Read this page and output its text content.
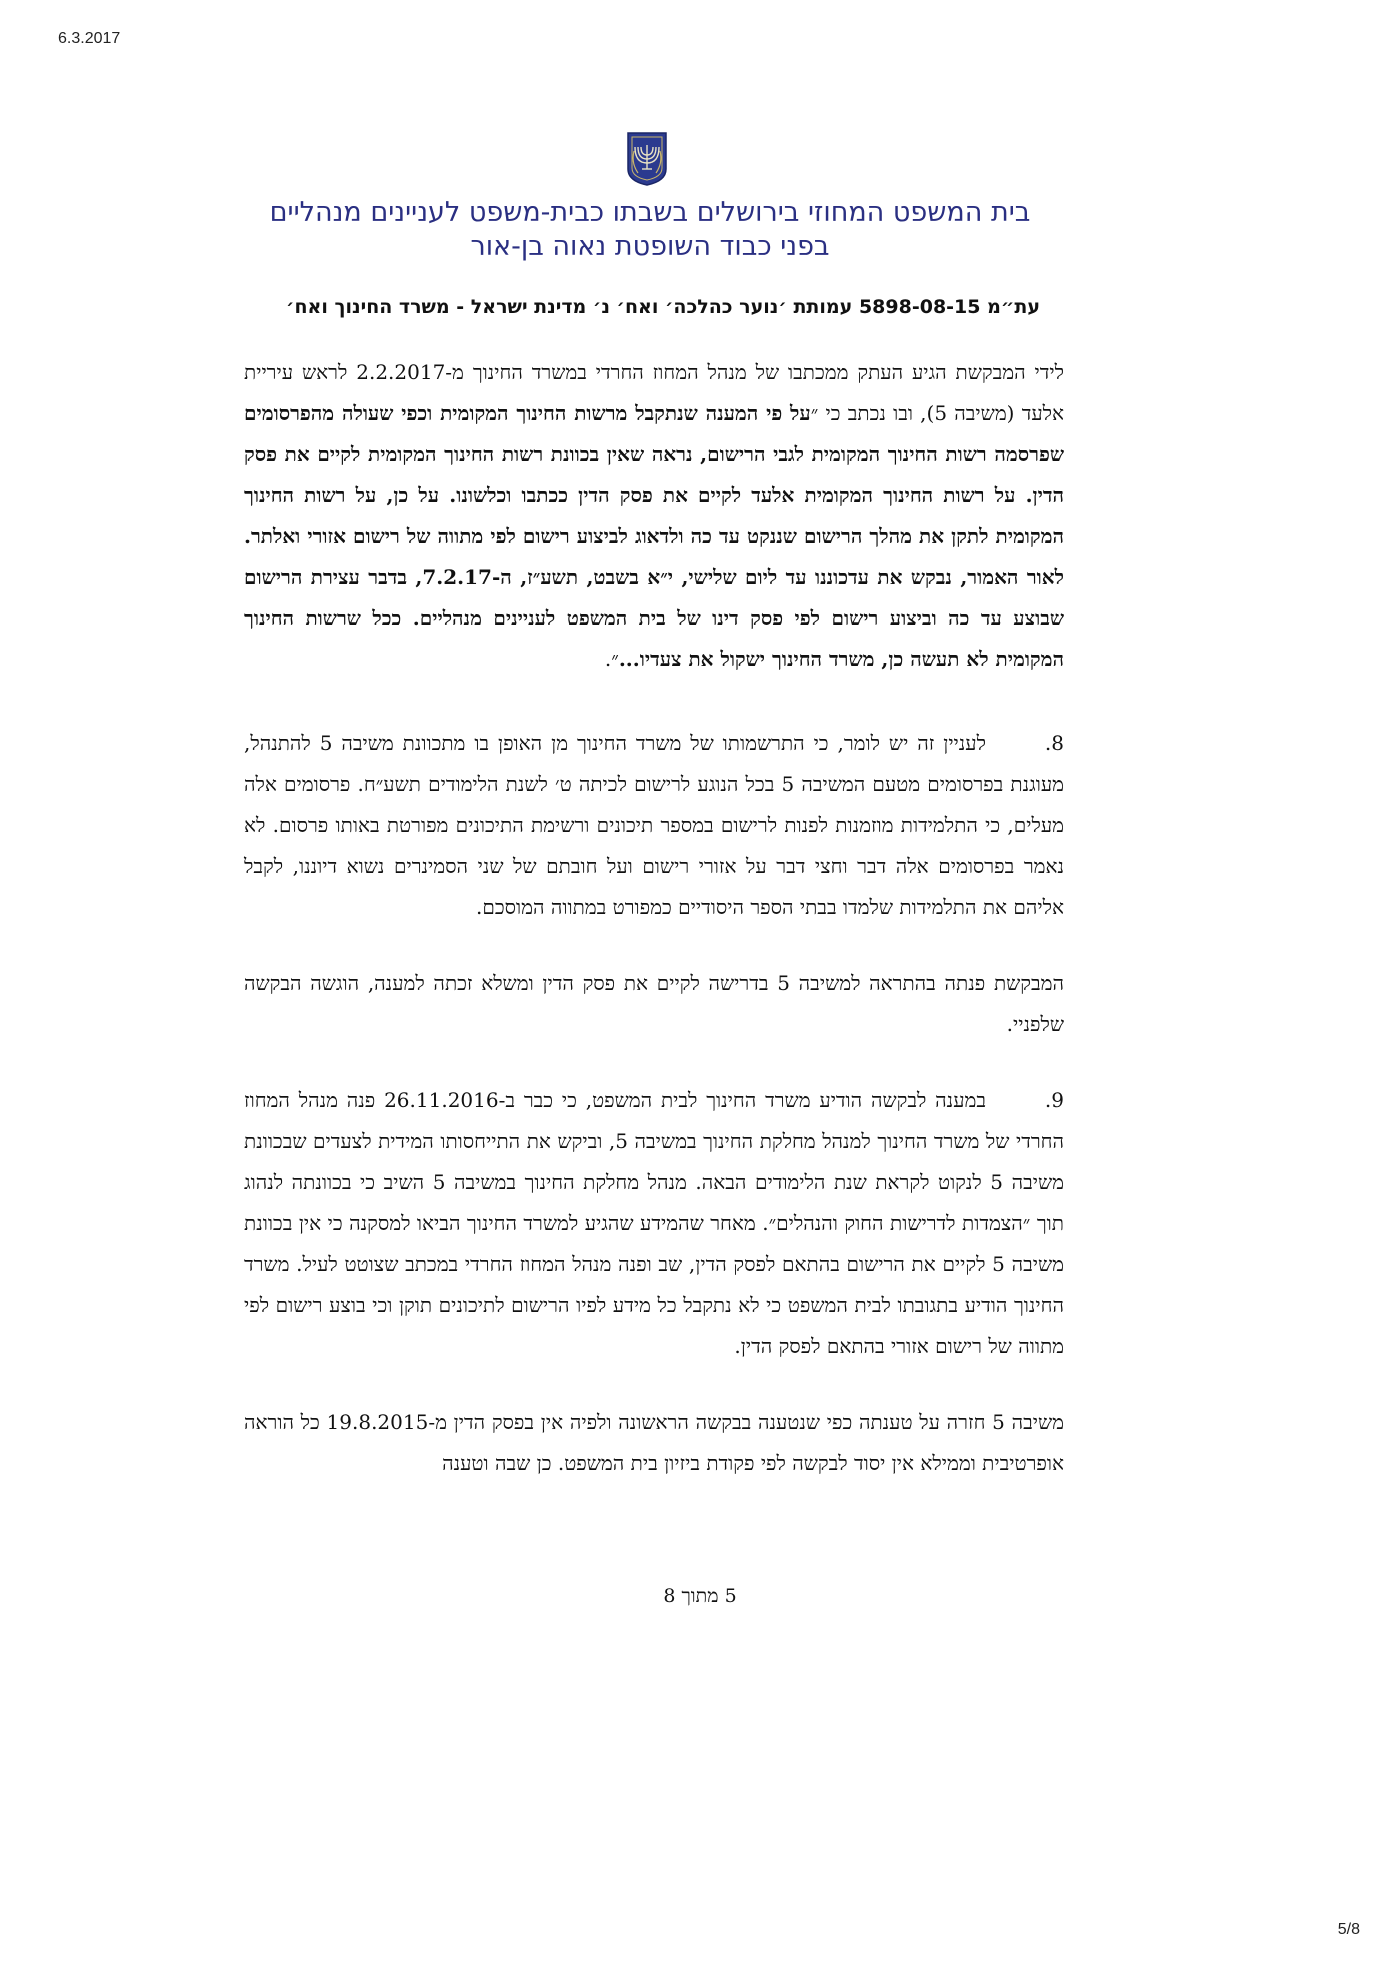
6.3.2017
בית המשפט המחוזי בירושלים בשבתו כבית-משפט לעניינים מנהליים
בפני כבוד השופטת נאוה בן-אור
עת״מ 5898-08-15 עמותת ׳נוער כהלכה׳ ואח׳ נ׳ מדינת ישראל - משרד החינוך ואח׳

לידי המבקשת הגיע העתק ממכתבו של מנהל המחוז החרדי במשרד החינוך מ-2.2.2017 לראש עיריית אלעד (משיבה 5), ובו נכתב כי ״על פי המענה שנתקבל מרשות החינוך המקומית וכפי שעולה מהפרסומים שפרסמה רשות החינוך המקומית לגבי הרישום, נראה שאין בכוונת רשות החינוך המקומית לקיים את פסק הדין. על רשות החינוך המקומית אלעד לקיים את פסק הדין ככתבו וכלשונו. על כן, על רשות החינוך המקומית לתקן את מהלך הרישום שננקט עד כה ולדאוג לביצוע רישום לפי מתווה של רישום אזורי ואלתר. לאור האמור, נבקש את עדכוננו עד ליום שלישי, י״א בשבט, תשע״ז, ה-7.2.17, בדבר עצירת הרישום שבוצע עד כה וביצוע רישום לפי פסק דינו של בית המשפט לעניינים מנהליים. ככל שרשות החינוך המקומית לא תעשה כן, משרד החינוך ישקול את צעדיו...״.

8.לעניין זה יש לומר, כי התרשמותו של משרד החינוך מן האופן בו מתכוונת משיבה 5 להתנהל, מעוגנת בפרסומים מטעם המשיבה 5 בכל הנוגע לרישום לכיתה ט׳ לשנת הלימודים תשע״ח. פרסומים אלה מעלים, כי התלמידות מוזמנות לפנות לרישום במספר תיכונים ורשימת התיכונים מפורטת באותו פרסום. לא נאמר בפרסומים אלה דבר וחצי דבר על אזורי רישום ועל חובתם של שני הסמינרים נשוא דיוננו, לקבל אליהם את התלמידות שלמדו בבתי הספר היסודיים כמפורט במתווה המוסכם.

המבקשת פנתה בהתראה למשיבה 5 בדרישה לקיים את פסק הדין ומשלא זכתה למענה, הוגשה הבקשה שלפניי.

9.במענה לבקשה הודיע משרד החינוך לבית המשפט, כי כבר ב-26.11.2016 פנה מנהל המחוז החרדי של משרד החינוך למנהל מחלקת החינוך במשיבה 5, וביקש את התייחסותו המידית לצעדים שבכוונת משיבה 5 לנקוט לקראת שנת הלימודים הבאה. מנהל מחלקת החינוך במשיבה 5 השיב כי בכוונתה לנהוג תוך ״הצמדות לדרישות החוק והנהלים״. מאחר שהמידע שהגיע למשרד החינוך הביאו למסקנה כי אין בכוונת משיבה 5 לקיים את הרישום בהתאם לפסק הדין, שב ופנה מנהל המחוז החרדי במכתב שצוטט לעיל. משרד החינוך הודיע בתגובתו לבית המשפט כי לא נתקבל כל מידע לפיו הרישום לתיכונים תוקן וכי בוצע רישום לפי מתווה של רישום אזורי בהתאם לפסק הדין.

משיבה 5 חזרה על טענתה כפי שנטענה בבקשה הראשונה ולפיה אין בפסק הדין מ-19.8.2015 כל הוראה אופרטיבית וממילא אין יסוד לבקשה לפי פקודת ביזיון בית המשפט. כן שבה וטענה

5 מתוך 8
5/8
